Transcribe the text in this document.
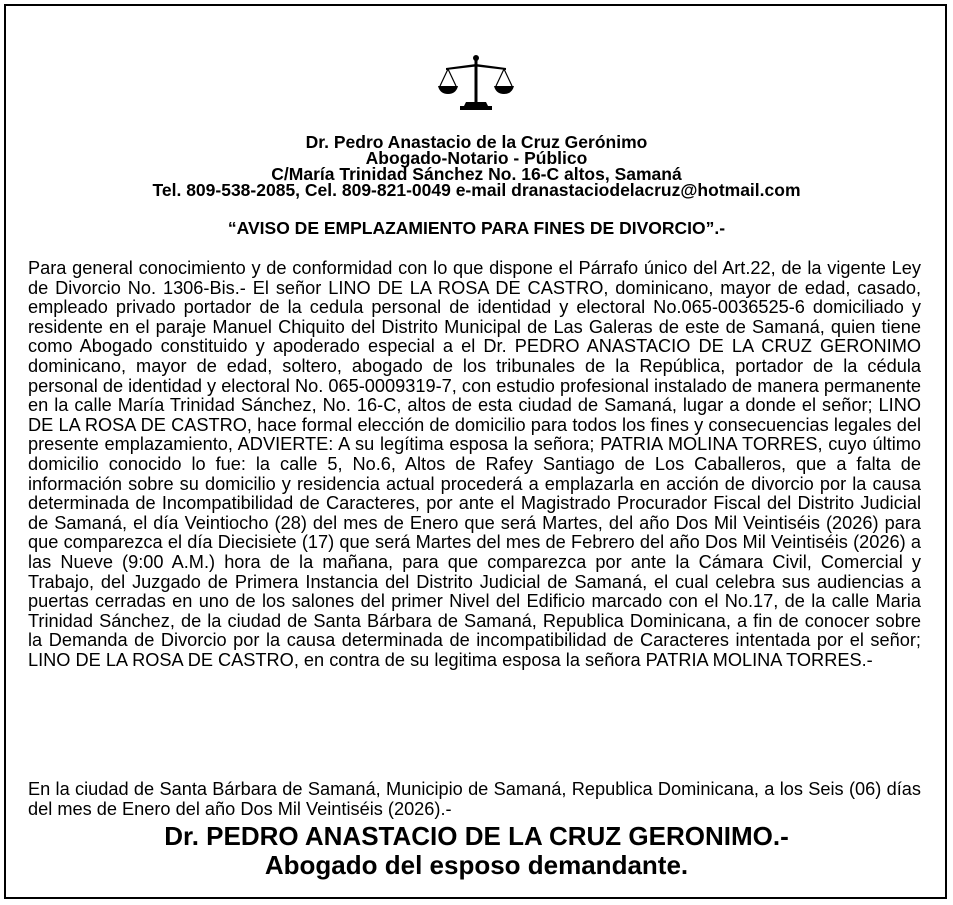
Dr. Pedro Anastacio de la Cruz Gerónimo
Abogado-Notario - Público
C/María Trinidad Sánchez No. 16-C altos, Samaná
Tel. 809-538-2085, Cel. 809-821-0049 e-mail dranastaciodelacruz@hotmail.com
“AVISO DE EMPLAZAMIENTO PARA FINES DE DIVORCIO”.-

Para general conocimiento y de conformidad con lo que dispone el Párrafo único del Art.22, de la vigente Ley de Divorcio No. 1306-Bis.- El señor LINO DE LA ROSA DE CASTRO, dominicano, mayor de edad, casado, empleado privado portador de la cedula personal de identidad y electoral No.065-0036525-6 domiciliado y residente en el paraje Manuel Chiquito del Distrito Municipal de Las Galeras de este de Samaná, quien tiene como Abogado constituido y apoderado especial a el Dr. PEDRO ANASTACIO DE LA CRUZ GERONIMO dominicano, mayor de edad, soltero, abogado de los tribunales de la República, portador de la cédula personal de identidad y electoral No. 065-0009319-7, con estudio profesional instalado de manera permanente en la calle María Trinidad Sánchez, No. 16-C, altos de esta ciudad de Samaná, lugar a donde el señor; LINO DE LA ROSA DE CASTRO, hace formal elección de domicilio para todos los fines y consecuencias legales del presente emplazamiento, ADVIERTE: A su legítima esposa la señora; PATRIA MOLINA TORRES, cuyo último domicilio conocido lo fue: la calle 5, No.6, Altos de Rafey Santiago de Los Caballeros, que a falta de información sobre su domicilio y residencia actual procederá a emplazarla en acción de divorcio por la causa determinada de Incompatibilidad de Caracteres, por ante el Magistrado Procurador Fiscal del Distrito Judicial de Samaná, el día Veintiocho (28) del mes de Enero que será Martes, del año Dos Mil Veintiséis (2026) para que comparezca el día Diecisiete (17) que será Martes del mes de Febrero del año Dos Mil Veintiséis (2026) a las Nueve (9:00 A.M.) hora de la mañana, para que comparezca por ante la Cámara Civil, Comercial y Trabajo, del Juzgado de Primera Instancia del Distrito Judicial de Samaná, el cual celebra sus audiencias a puertas cerradas en uno de los salones del primer Nivel del Edificio marcado con el No.17, de la calle Maria Trinidad Sánchez, de la ciudad de Santa Bárbara de Samaná, Republica Dominicana, a fin de conocer sobre la Demanda de Divorcio por la causa determinada de incompatibilidad de Caracteres intentada por el señor; LINO DE LA ROSA DE CASTRO, en contra de su legitima esposa la señora PATRIA MOLINA TORRES.-

En la ciudad de Santa Bárbara de Samaná, Municipio de Samaná, Republica Dominicana, a los Seis (06) días del mes de Enero del año Dos Mil Veintiséis (2026).-

Dr. PEDRO ANASTACIO DE LA CRUZ GERONIMO.-
Abogado del esposo demandante.
